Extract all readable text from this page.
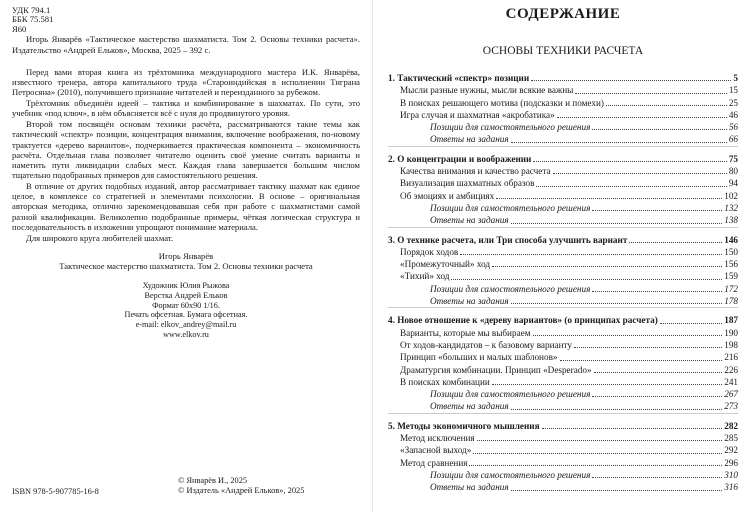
УДК 794.1
ББК 75.581
Я60

Игорь Январёв «Тактическое мастерство шахматиста. Том 2. Основы техники расчета». Издательство «Андрей Ельков», Москва, 2025 – 392 с.

Перед вами вторая книга из трёхтомника международного мастера И.К. Январёва, известного тренера, автора капитального труда «Староиндийская в исполнении Тиграна Петросяна» (2010), получившего признание читателей и переизданного за рубежом.

Трёхтомник объединён идеей – тактика и комбинирование в шахматах. По сути, это учебник «под ключ», в нём объясняется всё с нуля до продвинутого уровня.

Второй том посвящён основам техники расчёта, рассматриваются такие темы как тактический «спектр» позиции, концентрация внимания, включение воображения, по-новому трактуется «дерево вариантов», подчеркивается практическая компонента – экономичность расчёта. Отдельная глава позволяет читателю оценить своё умение считать варианты и наметить пути ликвидации слабых мест. Каждая глава завершается большим числом тщательно подобранных примеров для самостоятельного решения.

В отличие от других подобных изданий, автор рассматривает тактику шахмат как единое целое, в комплексе со стратегией и элементами психологии. В основе – оригинальная авторская методика, отлично зарекомендовавшая себя при работе с шахматистами самой разной квалификации. Великолепно подобранные примеры, чёткая логическая структура и последовательность в изложении упрощают понимание материала.

Для широкого круга любителей шахмат.

Игорь Январёв
Тактическое мастерство шахматиста. Том 2. Основы техники расчета
Художник Юлия Рыжова
Верстка Андрей Ельков
Формат 60х90 1/16.
Печать офсетная. Бумага офсетная.
e-mail: elkov_andrey@mail.ru
www.elkov.ru
© Январёв И., 2025
© Издатель «Андрей Ельков», 2025
ISBN 978-5-907785-16-8
СОДЕРЖАНИЕ
ОСНОВЫ ТЕХНИКИ РАСЧЕТА
1. Тактический «спектр» позиции	5
Мысли разные нужны, мысли всякие важны	15
В поисках решающего мотива (подсказки и помехи)	25
Игра случая и шахматная «акробатика»	46
Позиции для самостоятельного решения	56
Ответы на задания	66
2. О концентрации и воображении	75
Качества внимания и качество расчета	80
Визуализация шахматных образов	94
Об эмоциях и амбициях	102
Позиции для самостоятельного решения	132
Ответы на задания	138
3. О технике расчета, или Три способа улучшить вариант	146
Порядок ходов	150
«Промежуточный» ход	156
«Тихий» ход	159
Позиции для самостоятельного решения	172
Ответы на задания	178
4. Новое отношение к «дереву вариантов» (о принципах расчета)	187
Варианты, которые мы выбираем	190
От ходов-кандидатов – к базовому варианту	198
Принцип «больших и малых шаблонов»	216
Драматургия комбинации. Принцип «Desperado»	226
В поисках комбинации	241
Позиции для самостоятельного решения	267
Ответы на задания	273
5. Методы экономичного мышления	282
Метод исключения	285
«Запасной выход»	292
Метод сравнения	296
Позиции для самостоятельного решения	310
Ответы на задания	316
